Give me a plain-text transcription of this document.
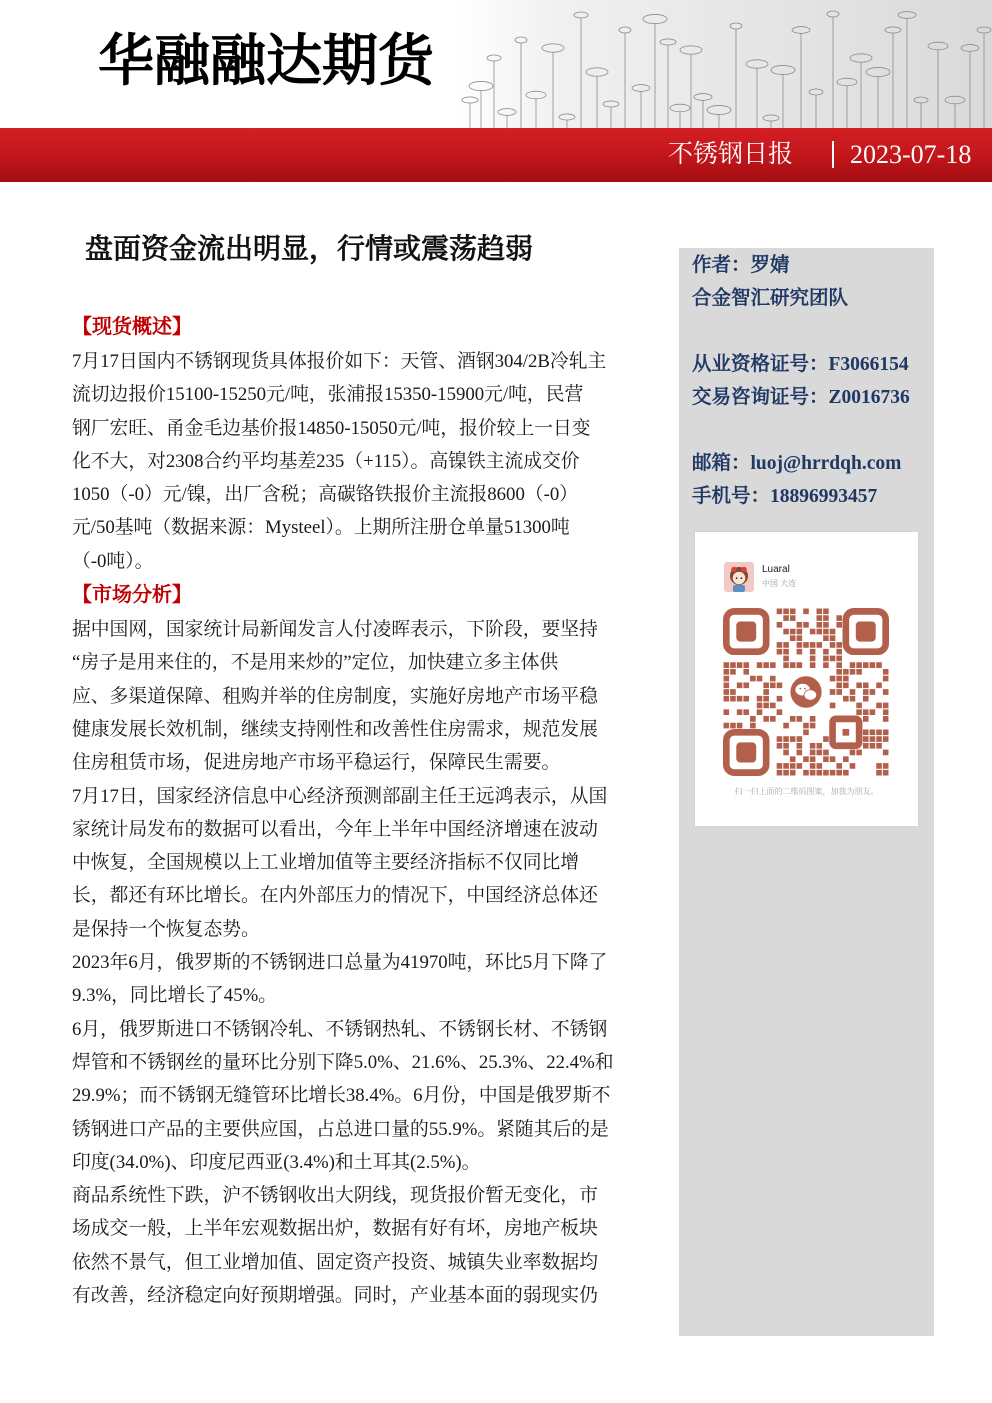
华融融达期货
不锈钢日报 2023-07-18
盘面资金流出明显，行情或震荡趋弱
【现货概述】
7月17日国内不锈钢现货具体报价如下：天管、酒钢304/2B冷轧主
流切边报价15100-15250元/吨，张浦报15350-15900元/吨，民营
钢厂宏旺、甬金毛边基价报14850-15050元/吨，报价较上一日变
化不大，对2308合约平均基差235（+115）。高镍铁主流成交价
1050（-0）元/镍，出厂含税；高碳铬铁报价主流报8600（-0）
元/50基吨（数据来源：Mysteel）。上期所注册仓单量51300吨
（-0吨）。
【市场分析】
据中国网，国家统计局新闻发言人付凌晖表示，下阶段，要坚持
“房子是用来住的，不是用来炒的”定位，加快建立多主体供
应、多渠道保障、租购并举的住房制度，实施好房地产市场平稳
健康发展长效机制，继续支持刚性和改善性住房需求，规范发展
住房租赁市场，促进房地产市场平稳运行，保障民生需要。
7月17日，国家经济信息中心经济预测部副主任王远鸿表示，从国
家统计局发布的数据可以看出，今年上半年中国经济增速在波动
中恢复，全国规模以上工业增加值等主要经济指标不仅同比增
长，都还有环比增长。在内外部压力的情况下，中国经济总体还
是保持一个恢复态势。
2023年6月，俄罗斯的不锈钢进口总量为41970吨，环比5月下降了
9.3%，同比增长了45%。
6月，俄罗斯进口不锈钢冷轧、不锈钢热轧、不锈钢长材、不锈钢
焊管和不锈钢丝的量环比分别下降5.0%、21.6%、25.3%、22.4%和
29.9%；而不锈钢无缝管环比增长38.4%。6月份，中国是俄罗斯不
锈钢进口产品的主要供应国，占总进口量的55.9%。紧随其后的是
印度(34.0%)、印度尼西亚(3.4%)和土耳其(2.5%)。
商品系统性下跌，沪不锈钢收出大阴线，现货报价暂无变化，市
场成交一般，上半年宏观数据出炉，数据有好有坏，房地产板块
依然不景气，但工业增加值、固定资产投资、城镇失业率数据均
有改善，经济稳定向好预期增强。同时，产业基本面的弱现实仍
作者：罗婧
合金智汇研究团队
从业资格证号：F3066154
交易咨询证号：Z0016736
邮箱：luoj@hrrdqh.com
手机号：18896993457
Luaral
中国 大连
扫一扫上面的二维码图案，加我为朋友。
